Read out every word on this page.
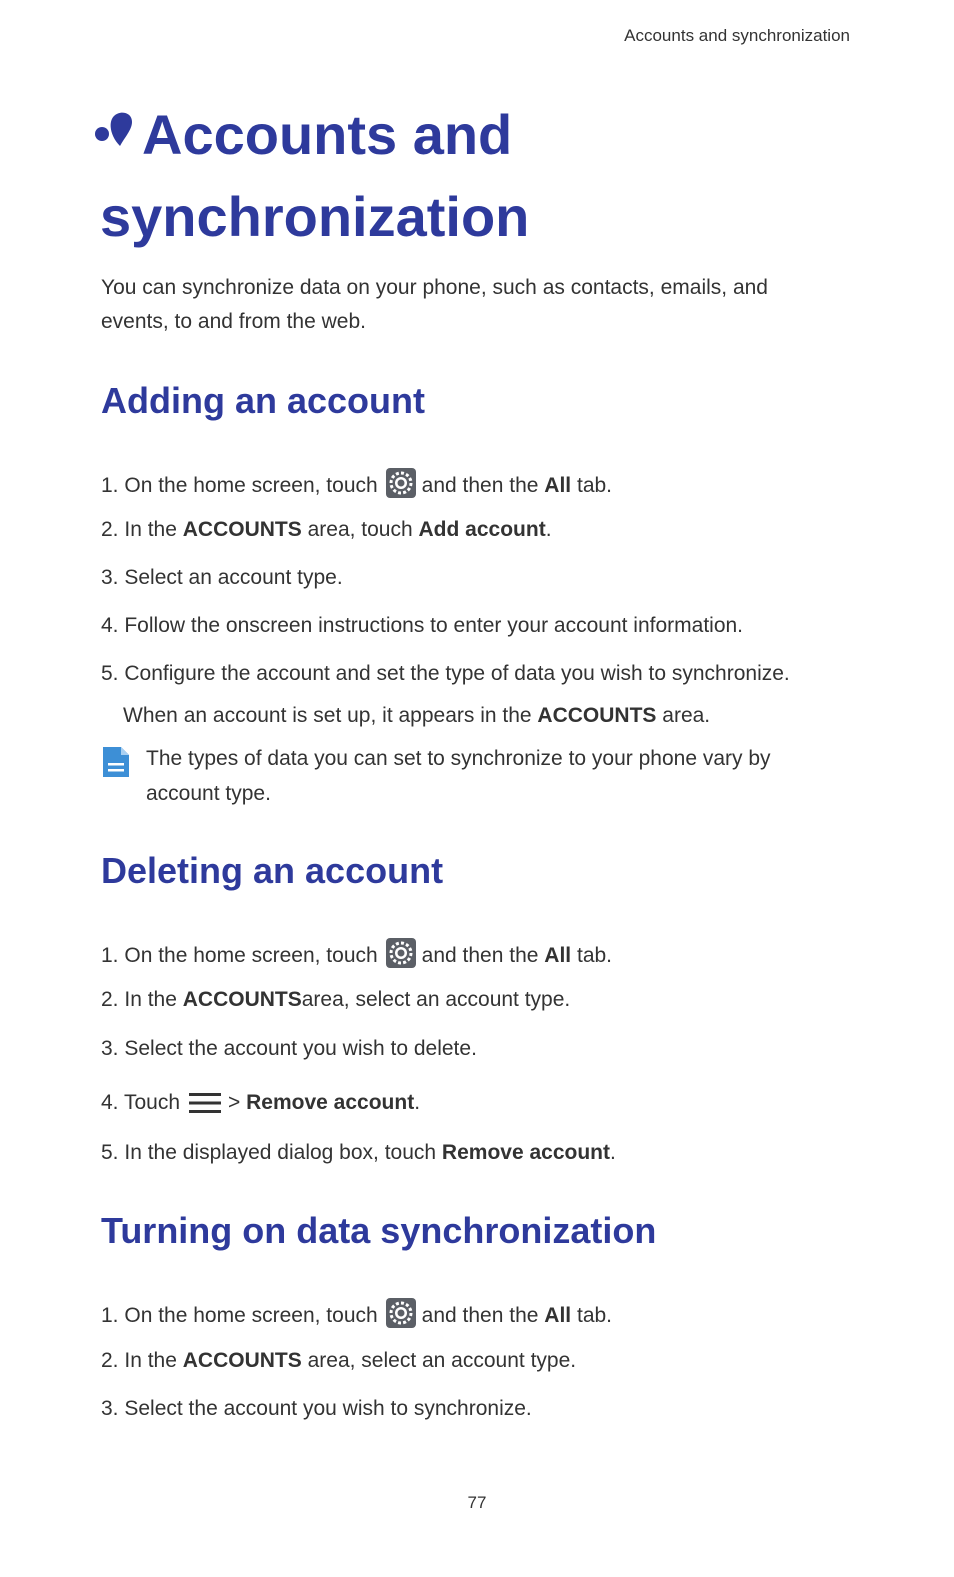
Accounts and synchronization
Accounts and synchronization

You can synchronize data on your phone, such as contacts, emails, and events, to and from the web.

Adding an account
1. On the home screen, touch and then the All tab.
2. In the ACCOUNTS area, touch Add account.
3. Select an account type.
4. Follow the onscreen instructions to enter your account information.
5. Configure the account and set the type of data you wish to synchronize.
When an account is set up, it appears in the ACCOUNTS area.
The types of data you can set to synchronize to your phone vary by account type.
Deleting an account
1. On the home screen, touch and then the All tab.
2. In the ACCOUNTSarea, select an account type.
3. Select the account you wish to delete.
4. Touch > Remove account.
5. In the displayed dialog box, touch Remove account.
Turning on data synchronization
1. On the home screen, touch and then the All tab.
2. In the ACCOUNTS area, select an account type.
3. Select the account you wish to synchronize.
77
